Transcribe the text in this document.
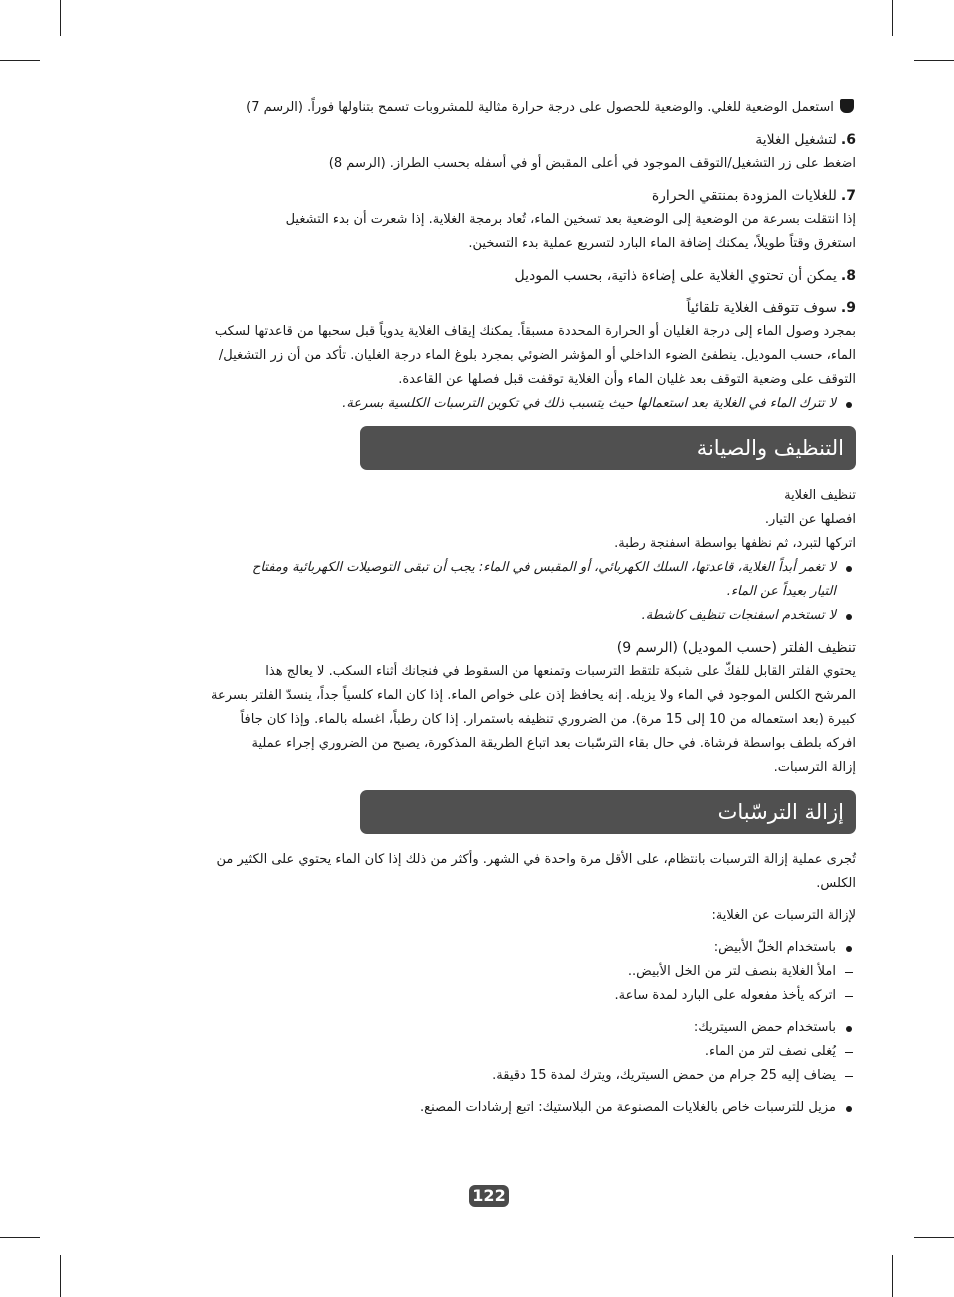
استعمل الوضعية للغلي. والوضعية للحصول على درجة حرارة مثالية للمشروبات تسمح بتناولها فوراً. (الرسم 7)
6.لتشغيل الغلاية
اضغط على زر التشغيل/التوقف الموجود في أعلى المقبض أو في أسفله بحسب الطراز. (الرسم 8)
7.للغلايات المزودة بمنتقي الحرارة
إذا انتقلت بسرعة من الوضعية إلى الوضعية بعد تسخين الماء، تُعاد برمجة الغلاية. إذا شعرت أن بدء التشغيل
استغرق وقتاً طويلاً، يمكنك إضافة الماء البارد لتسريع عملية بدء التسخين.
8.يمكن أن تحتوي الغلاية على إضاءة ذاتية، بحسب الموديل
9.سوف تتوقف الغلاية تلقائياً
بمجرد وصول الماء إلى درجة الغليان أو الحرارة المحددة مسبقاً. يمكنك إيقاف الغلاية يدوياً قبل سحبها من قاعدتها لسكب
الماء، حسب الموديل. ينطفئ الضوء الداخلي أو المؤشر الضوئي بمجرد بلوغ الماء درجة الغليان. تأكد من أن زر التشغيل/
التوقف على وضعية التوقف بعد غليان الماء وأن الغلاية توقفت قبل فصلها عن القاعدة.
لا تترك الماء في الغلاية بعد استعمالها حيث يتسبب ذلك في تكوين الترسبات الكلسية بسرعة.
التنظيف والصيانة
تنظيف الغلاية
افصلها عن التيار.
اتركها لتبرد، ثم نظفها بواسطة اسفنجة رطبة.
لا تغمر أبداً الغلاية، قاعدتها، السلك الكهربائي، أو المقبس في الماء: يجب أن تبقى التوصيلات الكهربائية ومفتاح
التيار بعيداً عن الماء.
لا تستخدم اسفنجات تنظيف كاشطة.
تنظيف الفلتر (حسب الموديل) (الرسم 9)
يحتوي الفلتر القابل للفكّ على شبكة تلتقط الترسبات وتمنعها من السقوط في فنجانك أثناء السكب. لا يعالج هذا
المرشح الكلس الموجود في الماء ولا يزيله. إنه يحافظ إذن على خواص الماء. إذا كان الماء كلسياً جداً، ينسدّ الفلتر بسرعة
كبيرة (بعد استعماله من 10 إلى 15 مرة). من الضروري تنظيفه باستمرار. إذا كان رطباً، اغسله بالماء. وإذا كان جافاً
افركه بلطف بواسطة فرشاة. في حال بقاء الترسّبات بعد اتباع الطريقة المذكورة، يصبح من الضروري إجراء عملية
إزالة الترسبات.
إزالة الترسّبات
تُجرى عملية إزالة الترسبات بانتظام، على الأقل مرة واحدة في الشهر. وأكثر من ذلك إذا كان الماء يحتوي على الكثير من
الكلس.
لإزالة الترسبات عن الغلاية:
باستخدام الخلّ الأبيض:
املأ الغلاية بنصف لتر من الخل الأبيض..
اتركه يأخذ مفعوله على البارد لمدة ساعة.
باستخدام حمض السيتريك:
يُغلى نصف لتر من الماء.
يضاف إليه 25 جرام من حمض السيتريك، ويترك لمدة 15 دقيقة.
مزيل للترسبات خاص بالغلايات المصنوعة من البلاستيك: اتبع إرشادات المصنع.
122
